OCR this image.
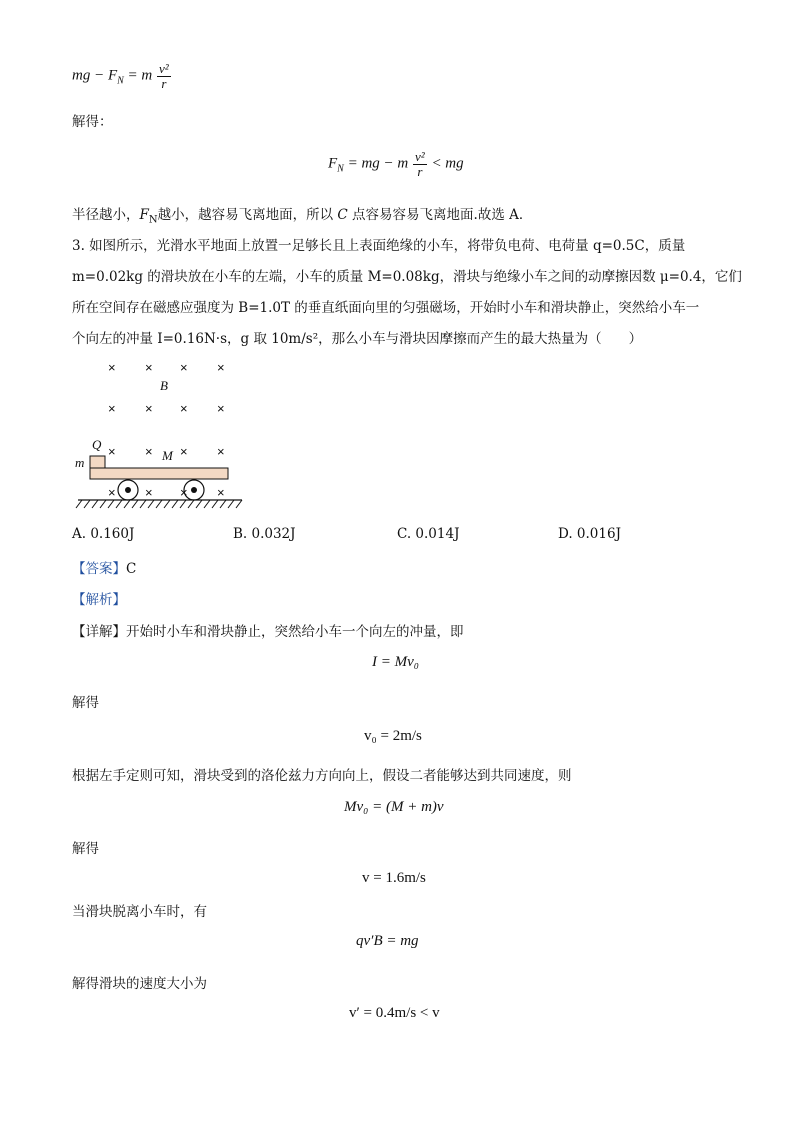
mg − $F_N = m \frac{\text{v²}}{r}$
解得：
$F_N$ = mg − m $\frac{\text{v²}}{r}$ < mg
半径越小，$F_N$越小，越容易飞离地面，所以 C 点容易容易飞离地面.故选 A．
3. 如图所示，光滑水平地面上放置一足够长且上表面绝缘的小车，将带负电荷、电荷量 q=0.5C，质量
m=0.02kg 的滑块放在小车的左端，小车的质量 M=0.08kg，滑块与绝缘小车之间的动摩擦因数 μ=0.4，它们
所在空间存在磁感应强度为 B=1.0T 的垂直纸面向里的匀强磁场，开始时小车和滑块静止，突然给小车一
个向左的冲量 I=0.16N·s，g 取 10m/s²，那么小车与滑块因摩擦而产生的最大热量为（　　）
× × × ×
B
× × × ×
Q × × × ×
M
m
× × × ×
A. 0.160J	B. 0.032J	C. 0.014J	D. 0.016J
【答案】C
【解析】
【详解】开始时小车和滑块静止，突然给小车一个向左的冲量，即
I = Mv₀
解得
v₀ = 2m/s
根据左手定则可知，滑块受到的洛伦兹力方向向上，假设二者能够达到共同速度，则
Mv₀ = (M + m)v
解得
v = 1.6m/s
当滑块脱离小车时，有
qv′B = mg
解得滑块的速度大小为
v′ = 0.4m/s < v
